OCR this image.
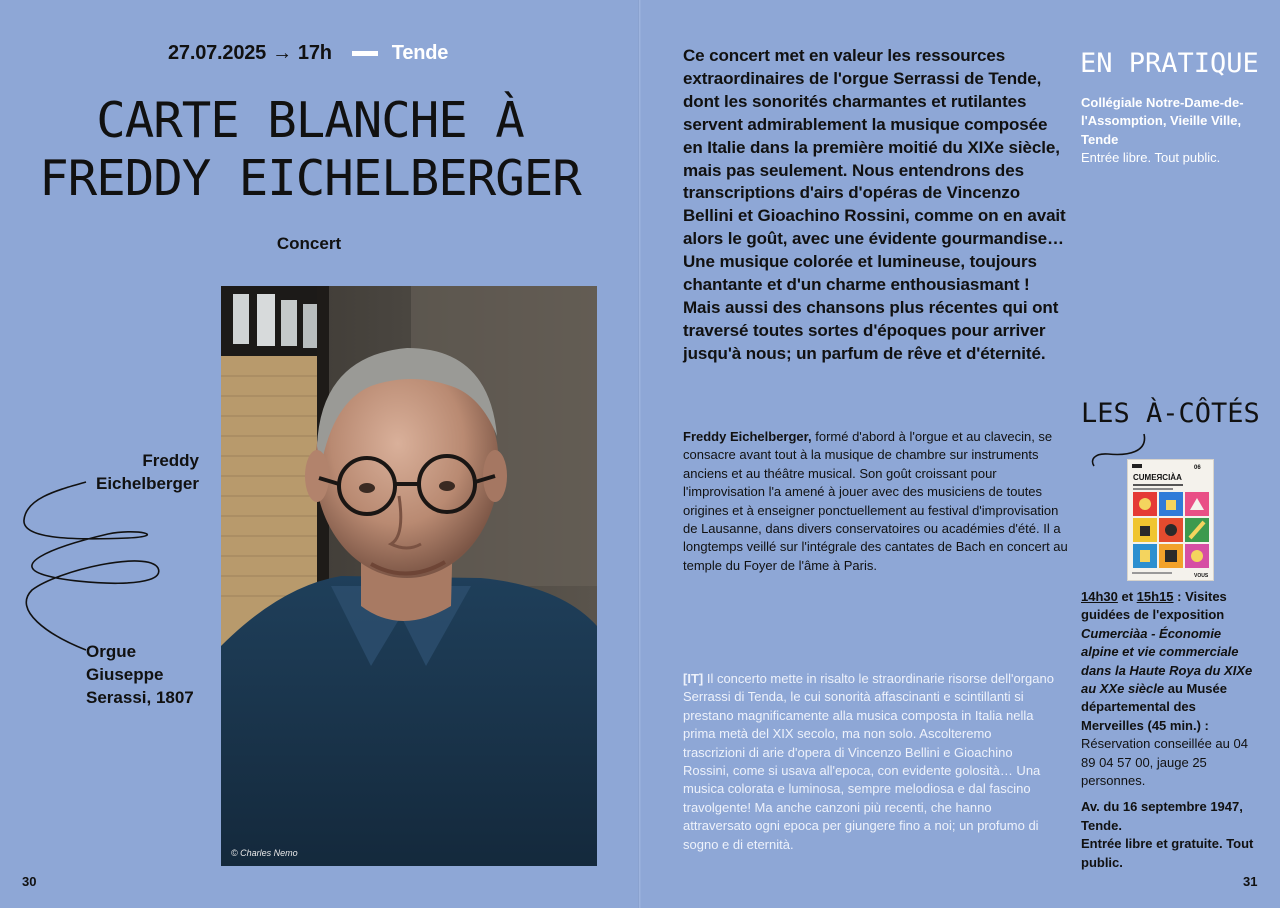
27.07.2025 → 17h	Tende
CARTE BLANCHE À
FREDDY EICHELBERGER
Concert
© Charles Nemo
Freddy
Eichelberger
Orgue
Giuseppe
Serassi, 1807
30
Ce concert met en valeur les ressources extraordinaires de l'orgue Serrassi de Tende, dont les sonorités charmantes et rutilantes servent admirablement la musique composée en Italie dans la première moitié du XIXe siècle, mais pas seulement. Nous entendrons des transcriptions d'airs d'opéras de Vincenzo Bellini et Gioachino Rossini, comme on en avait alors le goût, avec une évidente gourmandise… Une musique colorée et lumineuse, toujours chantante et d'un charme enthousiasmant ! Mais aussi des chansons plus récentes qui ont traversé toutes sortes d'époques pour arriver jusqu'à nous; un parfum de rêve et d'éternité.
Freddy Eichelberger, formé d'abord à l'orgue et au clavecin, se consacre avant tout à la musique de chambre sur instruments anciens et au théâtre musical. Son goût croissant pour l'improvisation l'a amené à jouer avec des musiciens de toutes origines et à enseigner ponctuellement au festival d'improvisation de Lausanne, dans divers conservatoires ou académies d'été. Il a longtemps veillé sur l'intégrale des cantates de Bach en concert au temple du Foyer de l'âme à Paris.
[IT] Il concerto mette in risalto le straordinarie risorse dell'organo Serrassi di Tenda, le cui sonorità affascinanti e scintillanti si prestano magnificamente alla musica composta in Italia nella prima metà del XIX secolo, ma non solo. Ascolteremo trascrizioni di arie d'opera di Vincenzo Bellini e Gioachino Rossini, come si usava all'epoca, con evidente golosità… Una musica colorata e luminosa, sempre melodiosa e dal fascino travolgente! Ma anche canzoni più recenti, che hanno attraversato ogni epoca per giungere fino a noi; un profumo di sogno e di eternità.
EN PRATIQUE
Collégiale Notre-Dame-de-l'Assomption, Vieille Ville, Tende
Entrée libre. Tout public.
LES À-CÔTÉS
06
CUMEЯCIÀA
VOUS
14h30 et 15h15 : Visites guidées de l'exposition Cumerciàa - Économie alpine et vie commerciale dans la Haute Roya du XIXe au XXe siècle au Musée départemental des Merveilles (45 min.) : Réservation conseillée au 04 89 04 57 00, jauge 25 personnes.
Av. du 16 septembre 1947, Tende.
Entrée libre et gratuite. Tout public.
31
